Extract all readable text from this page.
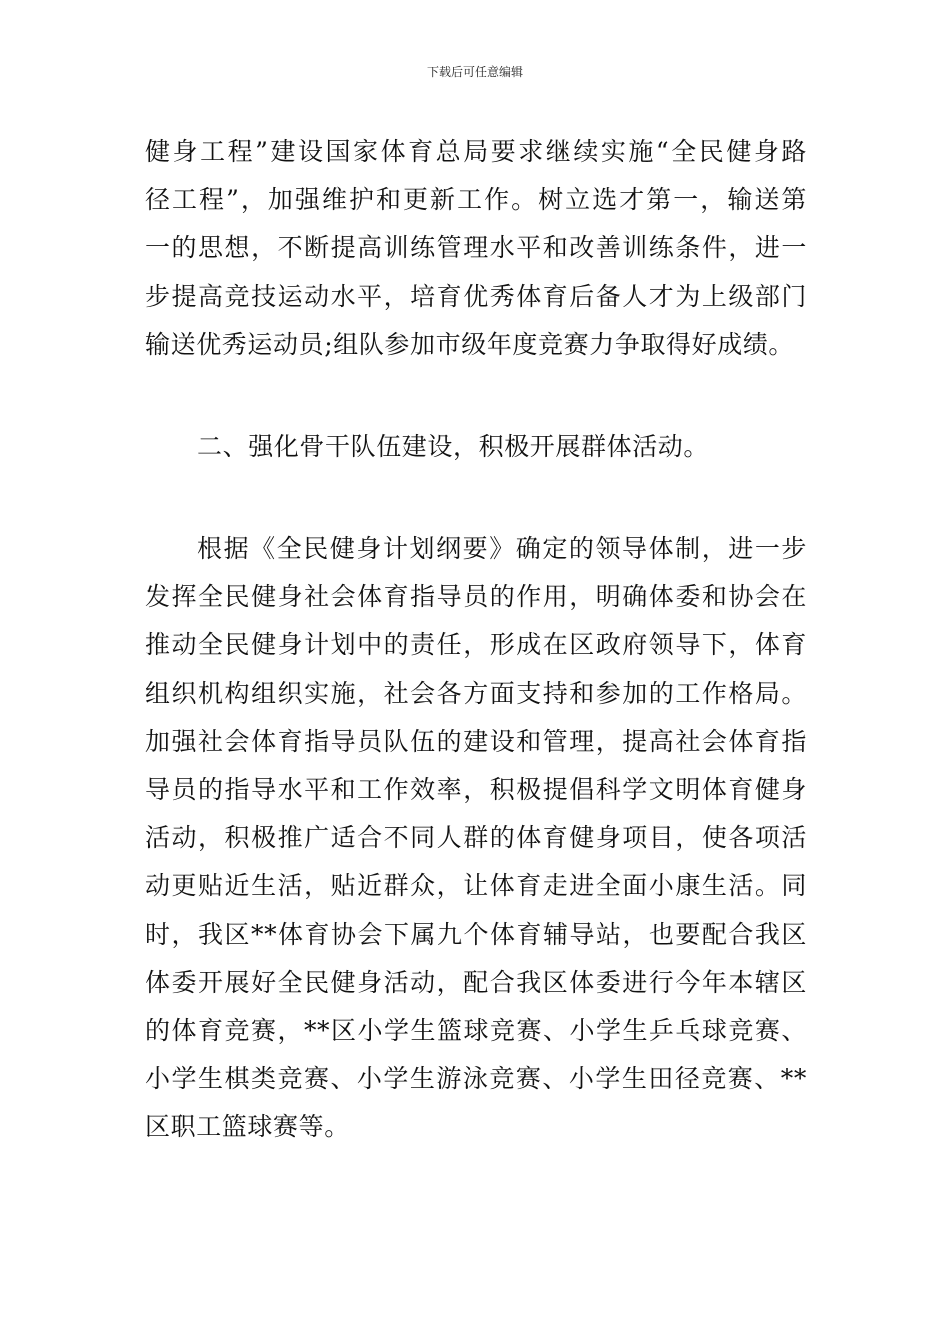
下载后可任意编辑
健身工程”建设国家体育总局要求继续实施“全民健身路
径工程”，加强维护和更新工作。树立选才第一，输送第
一的思想，不断提高训练管理水平和改善训练条件，进一
步提高竞技运动水平，培育优秀体育后备人才为上级部门
输送优秀运动员;组队参加市级年度竞赛力争取得好成绩。
二、强化骨干队伍建设，积极开展群体活动。
根据《全民健身计划纲要》确定的领导体制，进一步
发挥全民健身社会体育指导员的作用，明确体委和协会在
推动全民健身计划中的责任，形成在区政府领导下，体育
组织机构组织实施，社会各方面支持和参加的工作格局。
加强社会体育指导员队伍的建设和管理，提高社会体育指
导员的指导水平和工作效率，积极提倡科学文明体育健身
活动，积极推广适合不同人群的体育健身项目，使各项活
动更贴近生活，贴近群众，让体育走进全面小康生活。同
时，我区**体育协会下属九个体育辅导站，也要配合我区
体委开展好全民健身活动，配合我区体委进行今年本辖区
的体育竞赛，**区小学生篮球竞赛、小学生乒乓球竞赛、
小学生棋类竞赛、小学生游泳竞赛、小学生田径竞赛、**
区职工篮球赛等。
